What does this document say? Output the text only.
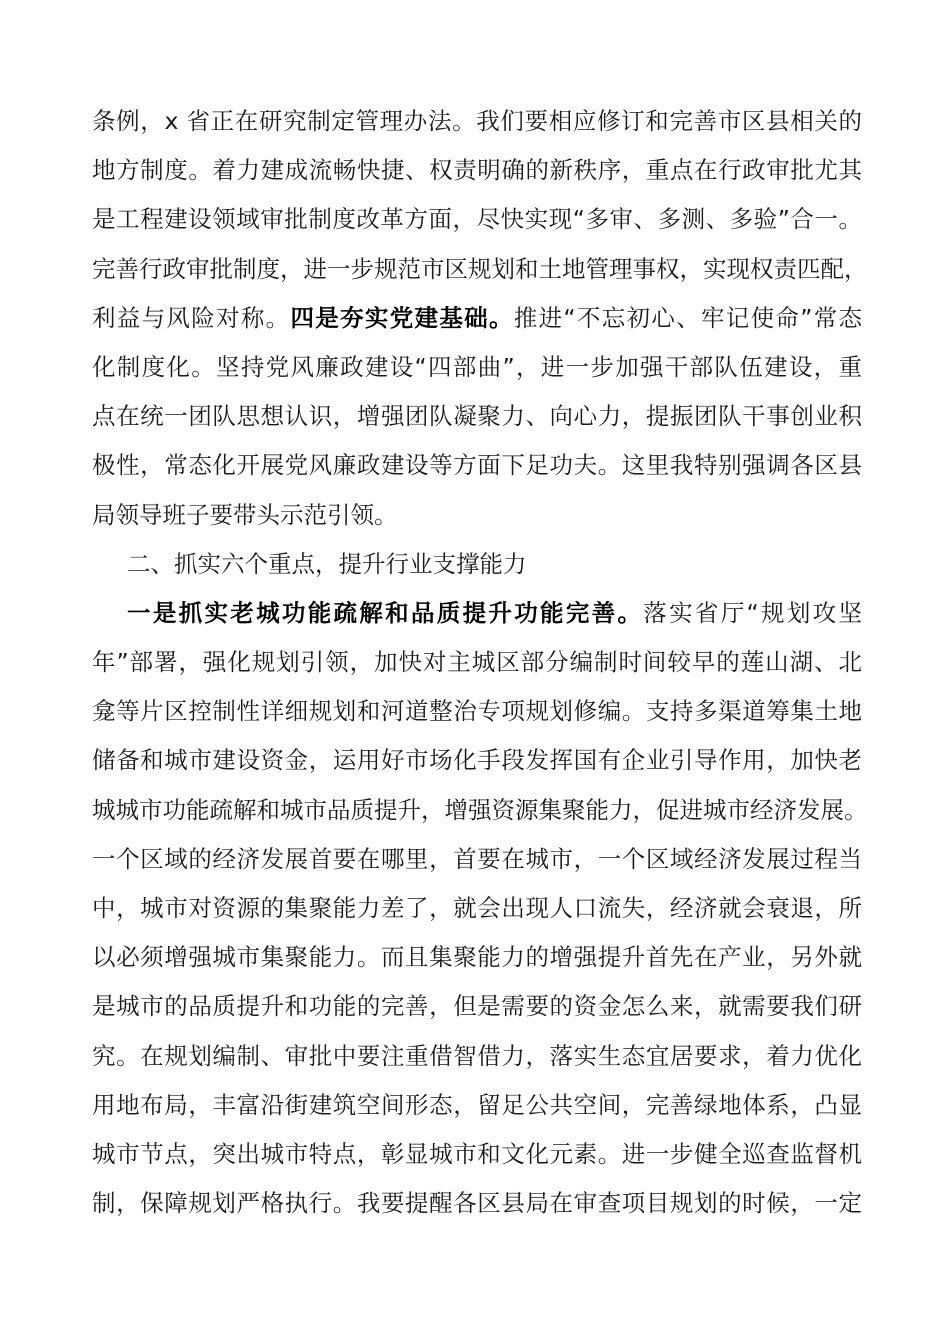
条例，x 省正在研究制定管理办法。我们要相应修订和完善市区县相关的
地方制度。着力建成流畅快捷、权责明确的新秩序，重点在行政审批尤其
是工程建设领域审批制度改革方面，尽快实现“多审、多测、多验”合一。
完善行政审批制度，进一步规范市区规划和土地管理事权，实现权责匹配，
利益与风险对称。四是夯实党建基础。推进“不忘初心、牢记使命”常态
化制度化。坚持党风廉政建设“四部曲”，进一步加强干部队伍建设，重
点在统一团队思想认识，增强团队凝聚力、向心力，提振团队干事创业积
极性，常态化开展党风廉政建设等方面下足功夫。这里我特别强调各区县
局领导班子要带头示范引领。
二、抓实六个重点，提升行业支撑能力
一是抓实老城功能疏解和品质提升功能完善。落实省厅“规划攻坚
年”部署，强化规划引领，加快对主城区部分编制时间较早的莲山湖、北
龛等片区控制性详细规划和河道整治专项规划修编。支持多渠道筹集土地
储备和城市建设资金，运用好市场化手段发挥国有企业引导作用，加快老
城城市功能疏解和城市品质提升，增强资源集聚能力，促进城市经济发展。
一个区域的经济发展首要在哪里，首要在城市，一个区域经济发展过程当
中，城市对资源的集聚能力差了，就会出现人口流失，经济就会衰退，所
以必须增强城市集聚能力。而且集聚能力的增强提升首先在产业，另外就
是城市的品质提升和功能的完善，但是需要的资金怎么来，就需要我们研
究。在规划编制、审批中要注重借智借力，落实生态宜居要求，着力优化
用地布局，丰富沿街建筑空间形态，留足公共空间，完善绿地体系，凸显
城市节点，突出城市特点，彰显城市和文化元素。进一步健全巡查监督机
制，保障规划严格执行。我要提醒各区县局在审查项目规划的时候，一定
